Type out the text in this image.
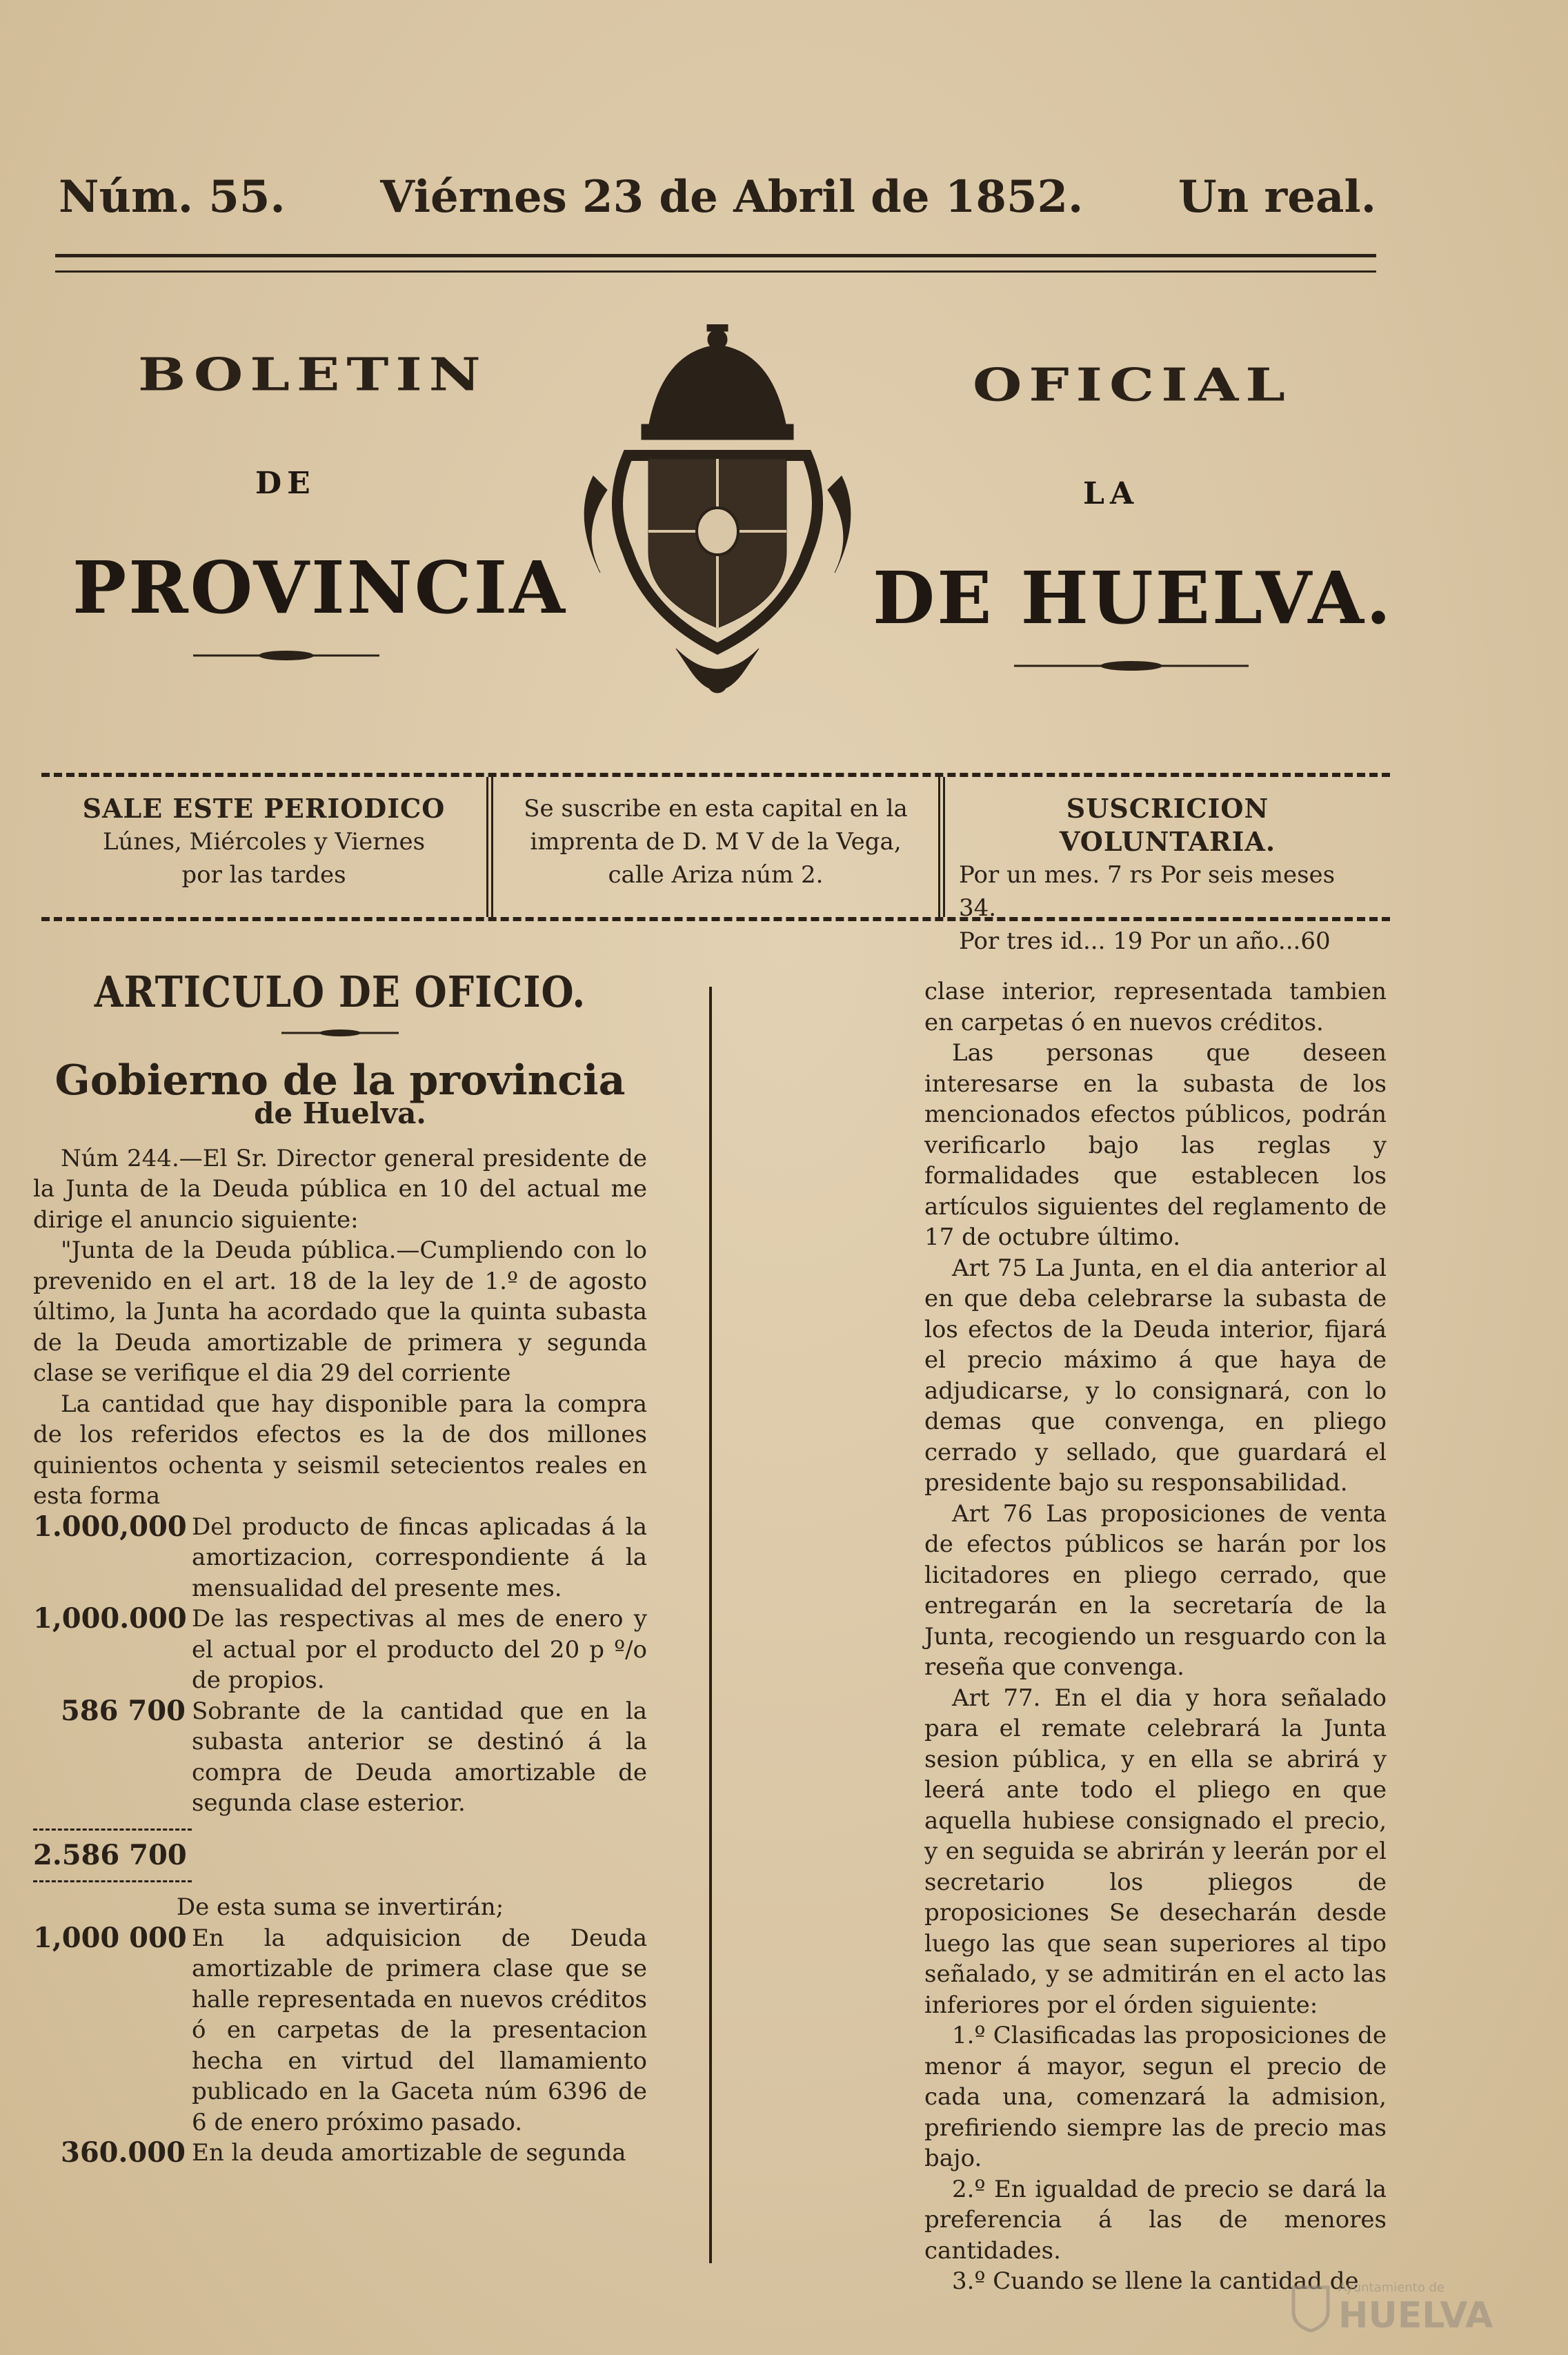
Núm. 55. Viérnes 23 de Abril de 1852. Un real.
BOLETIN	OFICIAL
DE	LA
PROVINCIA	DE HUELVA.
SALE ESTE PERIODICO
Lúnes, Miércoles y Viernes
por las tardes
Se suscribe en esta capital en la
imprenta de D. M V de la Vega,
calle Ariza núm 2.
SUSCRICION VOLUNTARIA.
Por un mes. 7 rs Por seis meses 34.
Por tres id... 19 Por un año...60
ARTICULO DE OFICIO.
Gobierno de la provincia
de Huelva.

Núm 244.—El Sr. Director general presidente de la Junta de la Deuda pública en 10 del actual me dirige el anuncio siguiente:

"Junta de la Deuda pública.—Cumpliendo con lo prevenido en el art. 18 de la ley de 1.º de agosto último, la Junta ha acordado que la quinta subasta de la Deuda amortizable de primera y segunda clase se verifique el dia 29 del corriente

La cantidad que hay disponible para la compra de los referidos efectos es la de dos millones quinientos ochenta y seismil setecientos reales en esta forma

1.000,000 Del producto de fincas aplicadas á la amortizacion, correspondiente á la mensualidad del presente mes.
1,000.000 De las respectivas al mes de enero y el actual por el producto del 20 p º/o de propios.
586 700 Sobrante de la cantidad que en la subasta anterior se destinó á la compra de Deuda amortizable de segunda clase esterior.
2.586 700

De esta suma se invertirán;

1,000 000 En la adquisicion de Deuda amortizable de primera clase que se halle representada en nuevos créditos ó en carpetas de la presentacion hecha en virtud del llamamiento publicado en la Gaceta núm 6396 de 6 de enero próximo pasado.
360.000 En la deuda amortizable de segunda

clase interior, representada tambien en carpetas ó en nuevos créditos.

Las personas que deseen interesarse en la subasta de los mencionados efectos públicos, podrán verificarlo bajo las reglas y formalidades que establecen los artículos siguientes del reglamento de 17 de octubre último.

Art 75 La Junta, en el dia anterior al en que deba celebrarse la subasta de los efectos de la Deuda interior, fijará el precio máximo á que haya de adjudicarse, y lo consignará, con lo demas que convenga, en pliego cerrado y sellado, que guardará el presidente bajo su responsabilidad.

Art 76 Las proposiciones de venta de efectos públicos se harán por los licitadores en pliego cerrado, que entregarán en la secretaría de la Junta, recogiendo un resguardo con la reseña que convenga.

Art 77. En el dia y hora señalado para el remate celebrará la Junta sesion pública, y en ella se abrirá y leerá ante todo el pliego en que aquella hubiese consignado el precio, y en seguida se abrirán y leerán por el secretario los pliegos de proposiciones Se desecharán desde luego las que sean superiores al tipo señalado, y se admitirán en el acto las inferiores por el órden siguiente:

1.º Clasificadas las proposiciones de menor á mayor, segun el precio de cada una, comenzará la admision, prefiriendo siempre las de precio mas bajo.

2.º En igualdad de precio se dará la preferencia á las de menores cantidades.

3.º Cuando se llene la cantidad de

Ayuntamiento de
HUELVA
